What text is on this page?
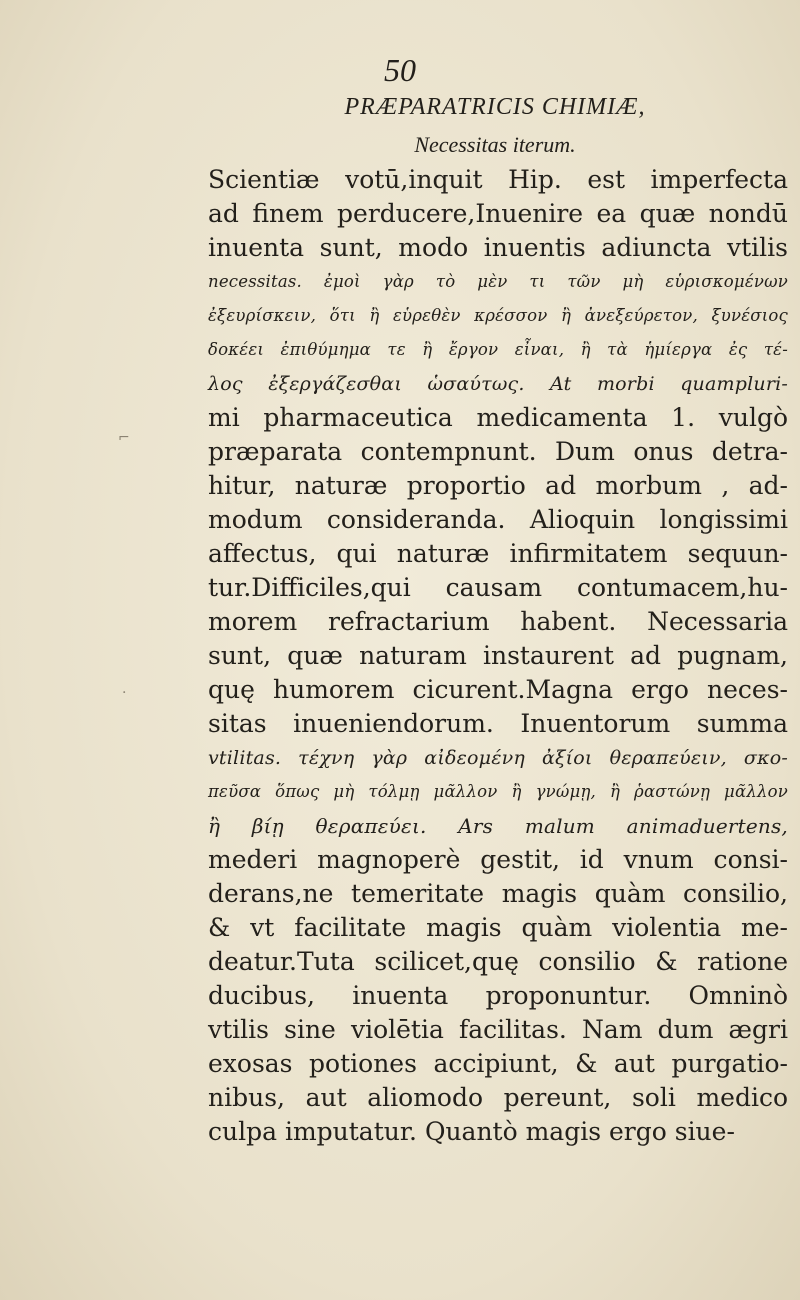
50
PRÆPARATRICIS CHIMIÆ,
Necessitas iterum.
⌐
·
Scientiæ votū,inquit Hip. est imperfecta
ad finem perducere,Inuenire ea quæ nondū
inuenta sunt, modo inuentis adiuncta vtilis
necessitas. ἐμοὶ γὰρ τὸ μὲν τι τῶν μὴ εὑρισκομένων
ἐξευρίσκειν, ὅτι ἢ εὑρεθὲν κρέσσον ἢ ἀνεξεύρετον, ξυνέσιος
δοκέει ἐπιθύμημα τε ἢ ἔργον εἶναι, ἢ τὰ ἡμίεργα ἐς τέ-
λος ἐξεργάζεσθαι ὡσαύτως. At morbi quampluri-
mi pharmaceutica medicamenta 1. vulgò
præparata contempnunt. Dum onus detra-
hitur, naturæ proportio ad morbum , ad-
modum consideranda. Alioquin longissimi
affectus, qui naturæ infirmitatem sequun-
tur.Difficiles,qui causam contumacem,hu-
morem refractarium habent. Necessaria
sunt, quæ naturam instaurent ad pugnam,
quę humorem cicurent.Magna ergo neces-
sitas inueniendorum. Inuentorum summa
vtilitas. τέχνη γὰρ αἰδεομένη ἀξίοι θεραπεύειν, σκο-
πεῦσα ὅπως μὴ τόλμῃ μᾶλλον ἢ γνώμῃ, ἢ ῥαστώνῃ μᾶλλον
ἢ βίῃ θεραπεύει. Ars malum animaduertens,
mederi magnoperè gestit, id vnum consi-
derans,ne temeritate magis quàm consilio,
& vt facilitate magis quàm violentia me-
deatur.Tuta scilicet,quę consilio & ratione
ducibus, inuenta proponuntur. Omninò
vtilis sine violētia facilitas. Nam dum ægri
exosas potiones accipiunt, & aut purgatio-
nibus, aut aliomodo pereunt, soli medico
culpa imputatur. Quantò magis ergo siue-
